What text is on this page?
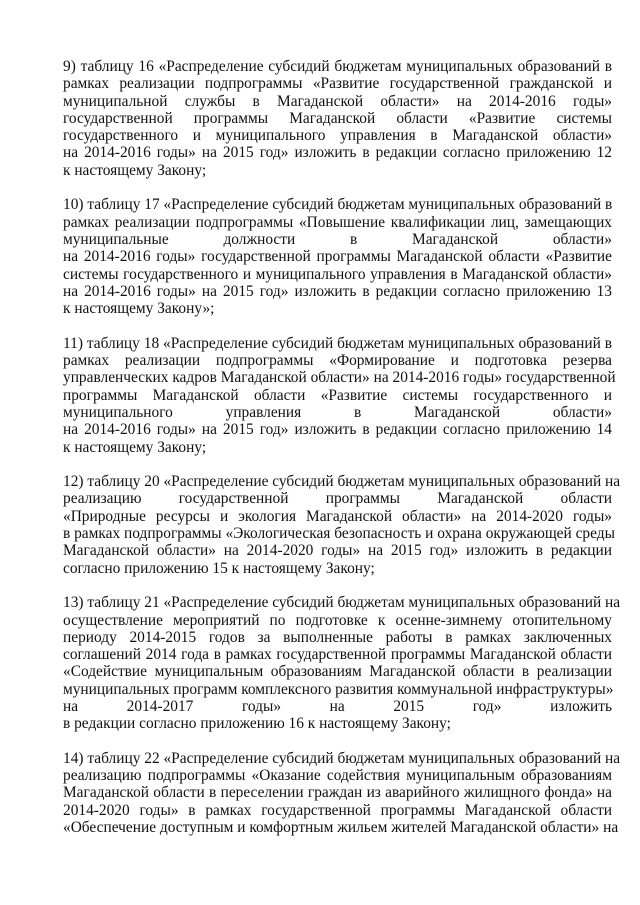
9) таблицу 16 «Распределение субсидий бюджетам муниципальных образований в
рамках реализации подпрограммы «Развитие государственной гражданской и
муниципальной службы в Магаданской области» на 2014-2016 годы»
государственной программы Магаданской области «Развитие системы
государственного и муниципального управления в Магаданской области»
на 2014-2016 годы» на 2015 год» изложить в редакции согласно приложению 12
к настоящему Закону;

10) таблицу 17 «Распределение субсидий бюджетам муниципальных образований в
рамках реализации подпрограммы «Повышение квалификации лиц, замещающих
муниципальные должности в Магаданской области»
на 2014-2016 годы» государственной программы Магаданской области «Развитие
системы государственного и муниципального управления в Магаданской области»
на 2014-2016 годы» на 2015 год» изложить в редакции согласно приложению 13
к настоящему Закону»;

11) таблицу 18 «Распределение субсидий бюджетам муниципальных образований в
рамках реализации подпрограммы «Формирование и подготовка резерва
управленческих кадров Магаданской области» на 2014-2016 годы» государственной
программы Магаданской области «Развитие системы государственного и
муниципального управления в Магаданской области»
на 2014-2016 годы» на 2015 год» изложить в редакции согласно приложению 14
к настоящему Закону;

12) таблицу 20 «Распределение субсидий бюджетам муниципальных образований на
реализацию государственной программы Магаданской области
«Природные ресурсы и экология Магаданской области» на 2014-2020 годы»
в рамках подпрограммы «Экологическая безопасность и охрана окружающей среды
Магаданской области» на 2014-2020 годы» на 2015 год» изложить в редакции
согласно приложению 15 к настоящему Закону;

13) таблицу 21 «Распределение субсидий бюджетам муниципальных образований на
осуществление мероприятий по подготовке к осенне-зимнему отопительному
периоду 2014-2015 годов за выполненные работы в рамках заключенных
соглашений 2014 года в рамках государственной программы Магаданской области
«Содействие муниципальным образованиям Магаданской области в реализации
муниципальных программ комплексного развития коммунальной инфраструктуры»
на 2014-2017 годы» на 2015 год» изложить
в редакции согласно приложению 16 к настоящему Закону;

14) таблицу 22 «Распределение субсидий бюджетам муниципальных образований на
реализацию подпрограммы «Оказание содействия муниципальным образованиям
Магаданской области в переселении граждан из аварийного жилищного фонда» на
2014-2020 годы» в рамках государственной программы Магаданской области
«Обеспечение доступным и комфортным жильем жителей Магаданской области» на
